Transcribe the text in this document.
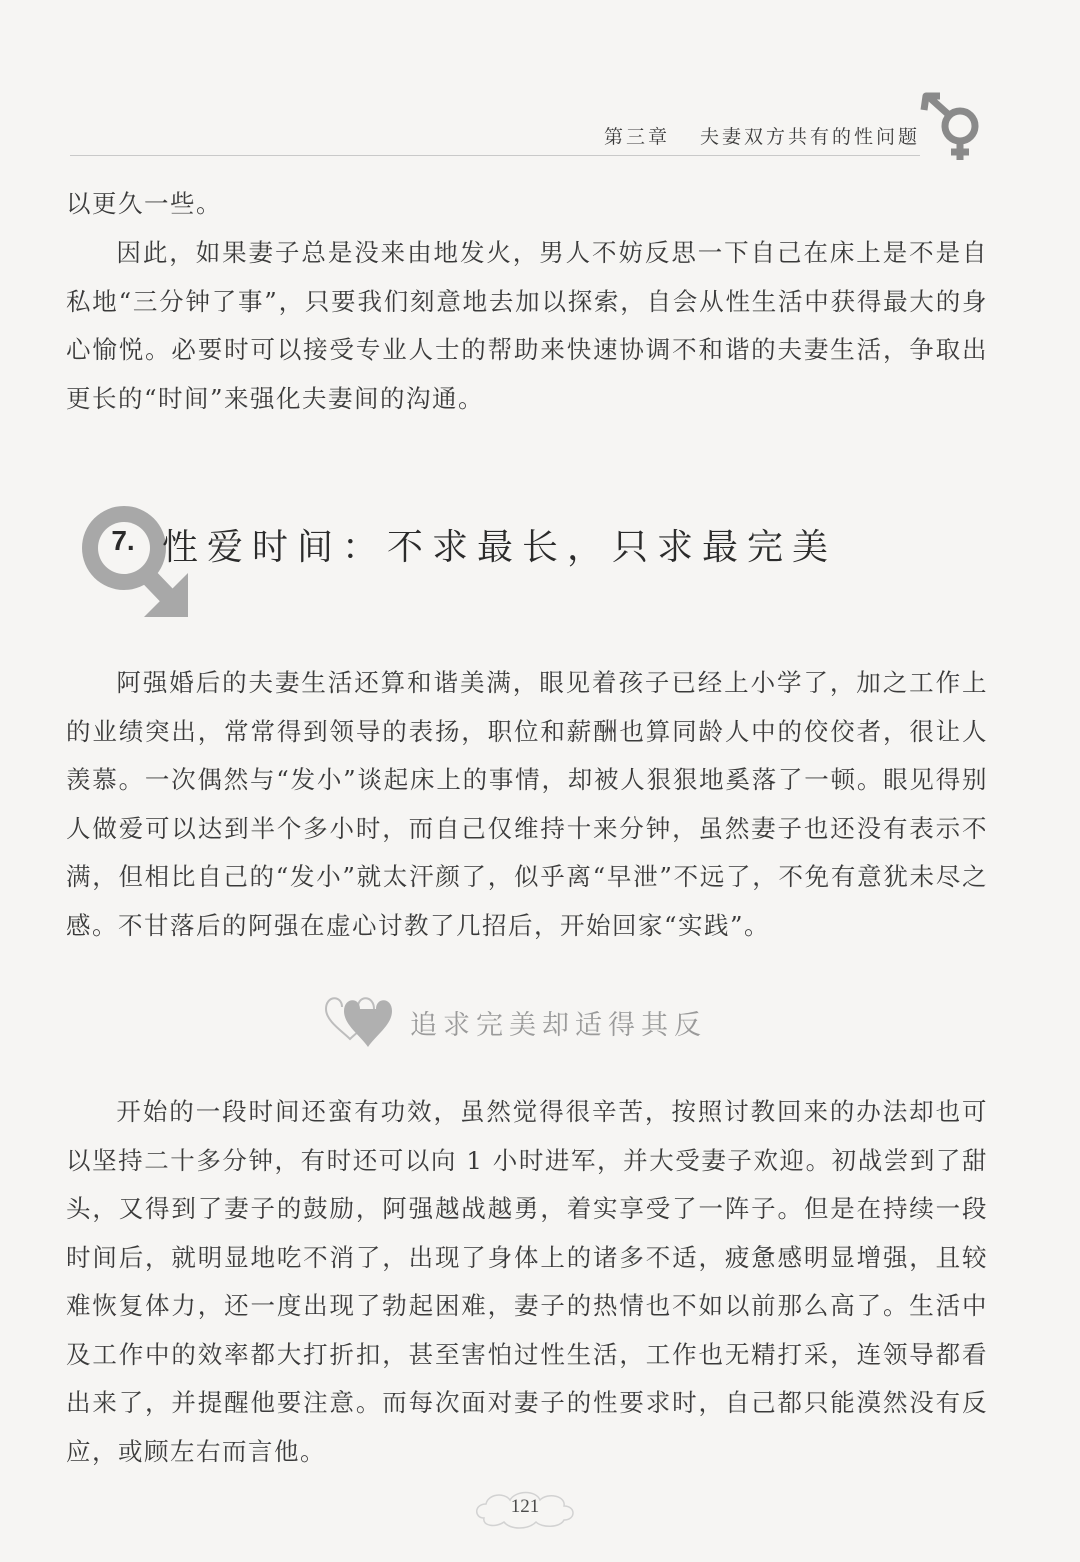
第三章 夫妻双方共有的性问题

以更久一些。

因此，如果妻子总是没来由地发火，男人不妨反思一下自己在床上是不是自私地“三分钟了事”，只要我们刻意地去加以探索，自会从性生活中获得最大的身心愉悦。必要时可以接受专业人士的帮助来快速协调不和谐的夫妻生活，争取出更长的“时间”来强化夫妻间的沟通。

7. 性爱时间：不求最长，只求最完美

阿强婚后的夫妻生活还算和谐美满，眼见着孩子已经上小学了，加之工作上的业绩突出，常常得到领导的表扬，职位和薪酬也算同龄人中的佼佼者，很让人羡慕。一次偶然与“发小”谈起床上的事情，却被人狠狠地奚落了一顿。眼见得别人做爱可以达到半个多小时，而自己仅维持十来分钟，虽然妻子也还没有表示不满，但相比自己的“发小”就太汗颜了，似乎离“早泄”不远了，不免有意犹未尽之感。不甘落后的阿强在虚心讨教了几招后，开始回家“实践”。

追求完美却适得其反

开始的一段时间还蛮有功效，虽然觉得很辛苦，按照讨教回来的办法却也可以坚持二十多分钟，有时还可以向 1 小时进军，并大受妻子欢迎。初战尝到了甜头，又得到了妻子的鼓励，阿强越战越勇，着实享受了一阵子。但是在持续一段时间后，就明显地吃不消了，出现了身体上的诸多不适，疲惫感明显增强，且较难恢复体力，还一度出现了勃起困难，妻子的热情也不如以前那么高了。生活中及工作中的效率都大打折扣，甚至害怕过性生活，工作也无精打采，连领导都看出来了，并提醒他要注意。而每次面对妻子的性要求时，自己都只能漠然没有反应，或顾左右而言他。

121
